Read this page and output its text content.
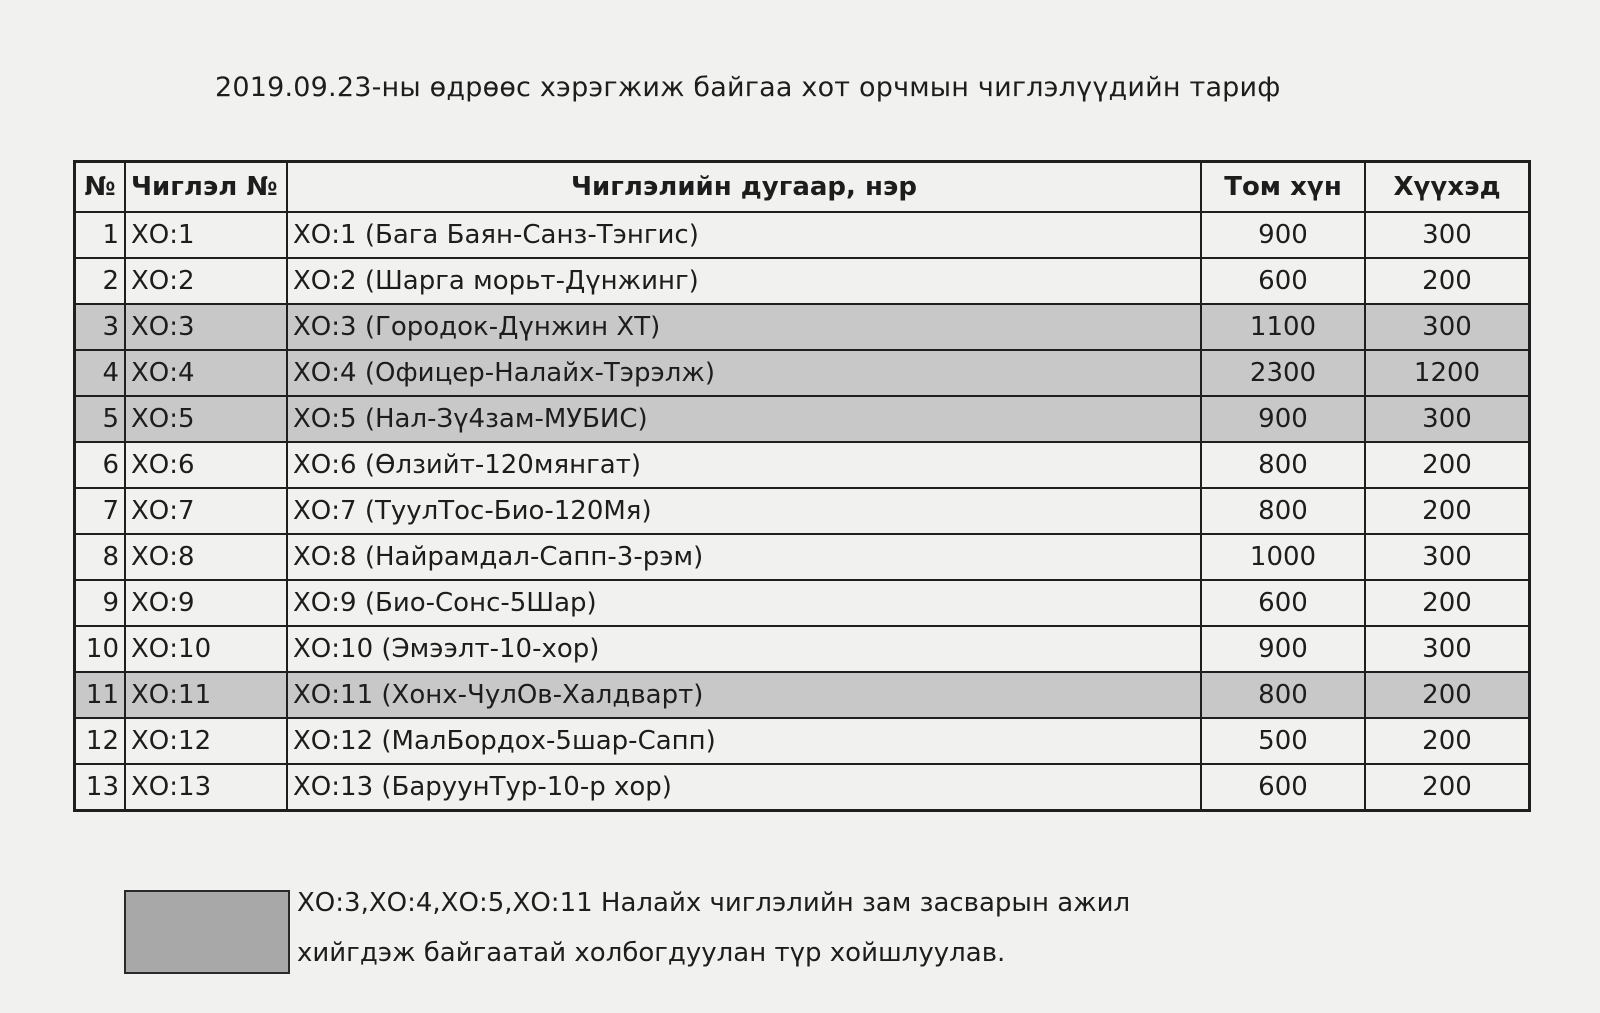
2019.09.23-ны өдрөөс хэрэгжиж байгаа хот орчмын чиглэлүүдийн тариф
№	Чиглэл №	Чиглэлийн дугаар, нэр	Том хүн	Хүүхэд
1	ХО:1	ХО:1 (Бага Баян-Санз-Тэнгис)	900	300
2	ХО:2	ХО:2 (Шарга морьт-Дүнжинг)	600	200
3	ХО:3	ХО:3 (Городок-Дүнжин ХТ)	1100	300
4	ХО:4	ХО:4 (Офицер-Налайх-Тэрэлж)	2300	1200
5	ХО:5	ХО:5 (Нал-Зү4зам-МУБИС)	900	300
6	ХО:6	ХО:6 (Өлзийт-120мянгат)	800	200
7	ХО:7	ХО:7 (ТуулТос-Био-120Мя)	800	200
8	ХО:8	ХО:8 (Найрамдал-Сапп-3-рэм)	1000	300
9	ХО:9	ХО:9 (Био-Сонс-5Шар)	600	200
10	ХО:10	ХО:10 (Эмээлт-10-хор)	900	300
11	ХО:11	ХО:11 (Хонх-ЧулОв-Халдварт)	800	200
12	ХО:12	ХО:12 (МалБордох-5шар-Сапп)	500	200
13	ХО:13	ХО:13 (БаруунТур-10-р хор)	600	200
ХО:3,ХО:4,ХО:5,ХО:11 Налайх чиглэлийн зам засварын ажил
хийгдэж байгаатай холбогдуулан түр хойшлуулав.
